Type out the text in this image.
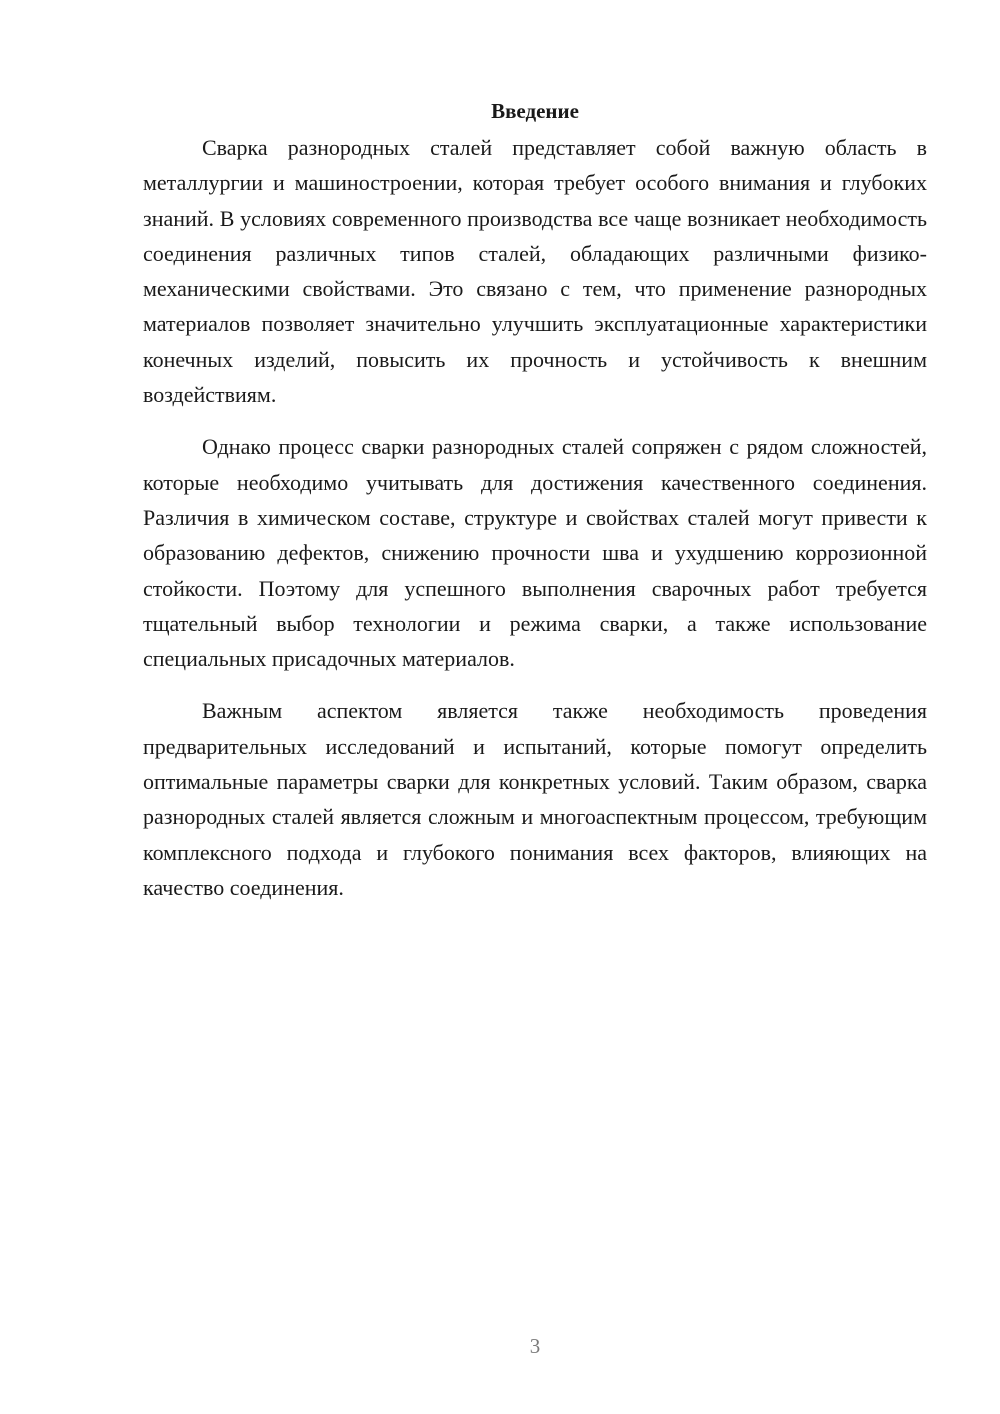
Введение

Сварка разнородных сталей представляет собой важную область в металлургии и машиностроении, которая требует особого внимания и глубоких знаний. В условиях современного производства все чаще возникает необходимость соединения различных типов сталей, обладающих различными физико-механическими свойствами. Это связано с тем, что применение разнородных материалов позволяет значительно улучшить эксплуатационные характеристики конечных изделий, повысить их прочность и устойчивость к внешним воздействиям.

Однако процесс сварки разнородных сталей сопряжен с рядом сложностей, которые необходимо учитывать для достижения качественного соединения. Различия в химическом составе, структуре и свойствах сталей могут привести к образованию дефектов, снижению прочности шва и ухудшению коррозионной стойкости. Поэтому для успешного выполнения сварочных работ требуется тщательный выбор технологии и режима сварки, а также использование специальных присадочных материалов.

Важным аспектом является также необходимость проведения предварительных исследований и испытаний, которые помогут определить оптимальные параметры сварки для конкретных условий. Таким образом, сварка разнородных сталей является сложным и многоаспектным процессом, требующим комплексного подхода и глубокого понимания всех факторов, влияющих на качество соединения.

3
